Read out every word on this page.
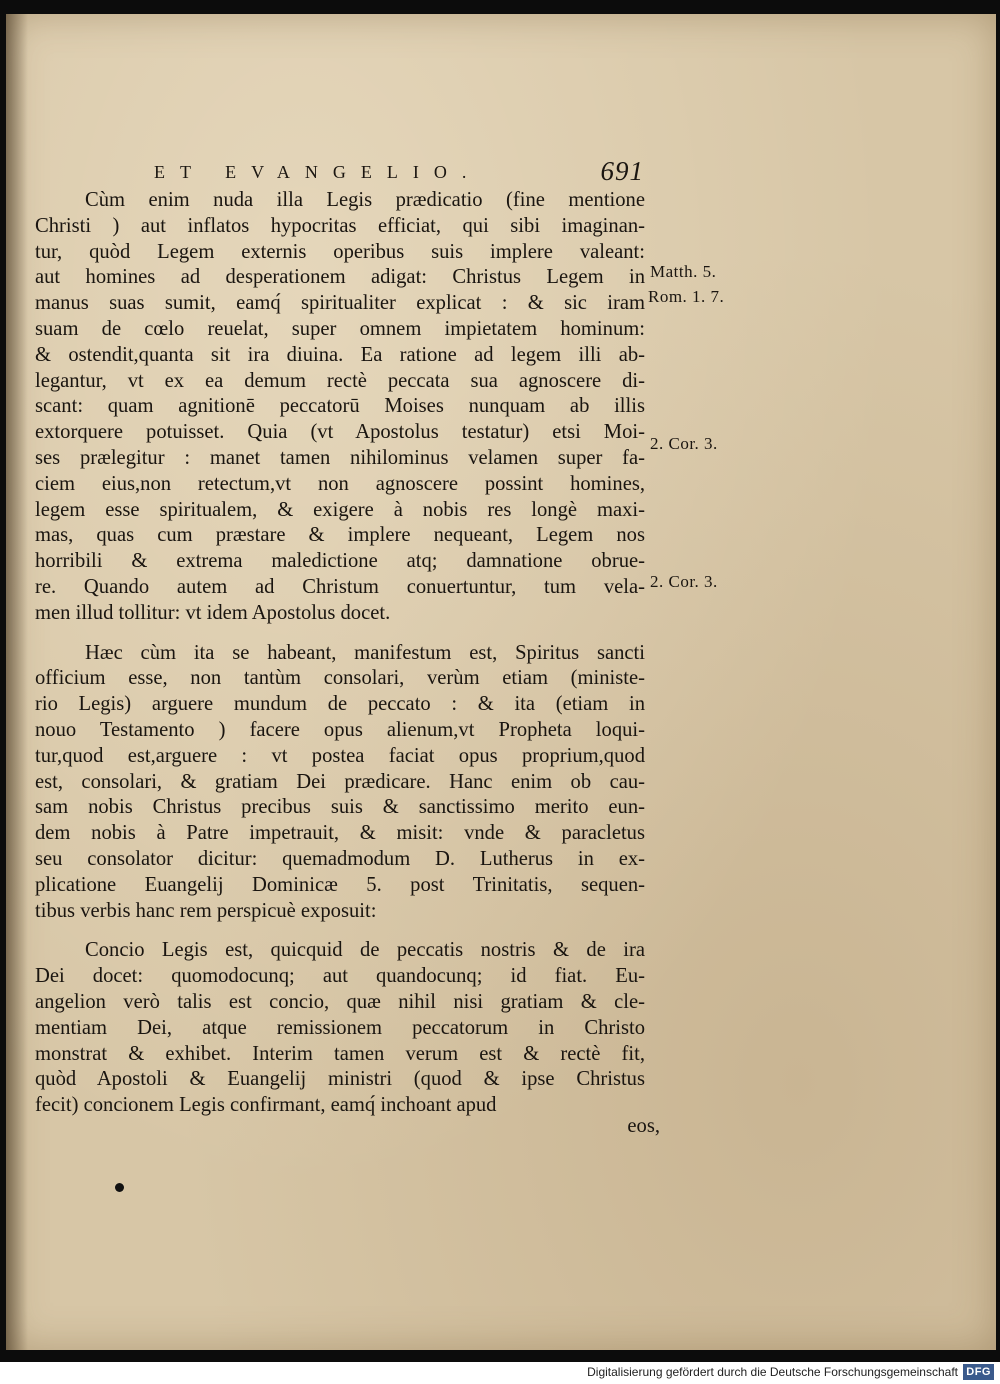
ET EVANGELIO.	691
Cùm enim nuda illa Legis prædicatio (fine mentione
Christi ) aut inflatos hypocritas efficiat, qui sibi imaginan-
tur, quòd Legem externis operibus suis implere valeant:
aut homines ad desperationem adigat: Christus Legem in
manus suas sumit, eamq́ spiritualiter explicat : & sic iram
suam de cœlo reuelat, super omnem impietatem hominum:
& ostendit,quanta sit ira diuina. Ea ratione ad legem illi ab-
legantur, vt ex ea demum rectè peccata sua agnoscere di-
scant: quam agnitionē peccatorū Moises nunquam ab illis
extorquere potuisset. Quia (vt Apostolus testatur) etsi Moi-
ses prælegitur : manet tamen nihilominus velamen super fa-
ciem eius,non retectum,vt non agnoscere possint homines,
legem esse spiritualem, & exigere à nobis res longè maxi-
mas, quas cum præstare & implere nequeant, Legem nos
horribili & extrema maledictione atq; damnatione obrue-
re. Quando autem ad Christum conuertuntur, tum vela-
men illud tollitur: vt idem Apostolus docet.
Hæc cùm ita se habeant, manifestum est, Spiritus sancti
officium esse, non tantùm consolari, verùm etiam (ministe-
rio Legis) arguere mundum de peccato : & ita (etiam in
nouo Testamento ) facere opus alienum,vt Propheta loqui-
tur,quod est,arguere : vt postea faciat opus proprium,quod
est, consolari, & gratiam Dei prædicare. Hanc enim ob cau-
sam nobis Christus precibus suis & sanctissimo merito eun-
dem nobis à Patre impetrauit, & misit: vnde & paracletus
seu consolator dicitur: quemadmodum D. Lutherus in ex-
plicatione Euangelij Dominicæ 5. post Trinitatis, sequen-
tibus verbis hanc rem perspicuè exposuit:
Concio Legis est, quicquid de peccatis nostris & de ira
Dei docet: quomodocunq; aut quandocunq; id fiat. Eu-
angelion verò talis est concio, quæ nihil nisi gratiam & cle-
mentiam Dei, atque remissionem peccatorum in Christo
monstrat & exhibet. Interim tamen verum est & rectè fit,
quòd Apostoli & Euangelij ministri (quod & ipse Christus
fecit) concionem Legis confirmant, eamq́ inchoant apud
eos,
Matth. 5.
Rom. 1. 7.
2. Cor. 3.
2. Cor. 3.
Digitalisierung gefördert durch die Deutsche Forschungsgemeinschaft DFG
